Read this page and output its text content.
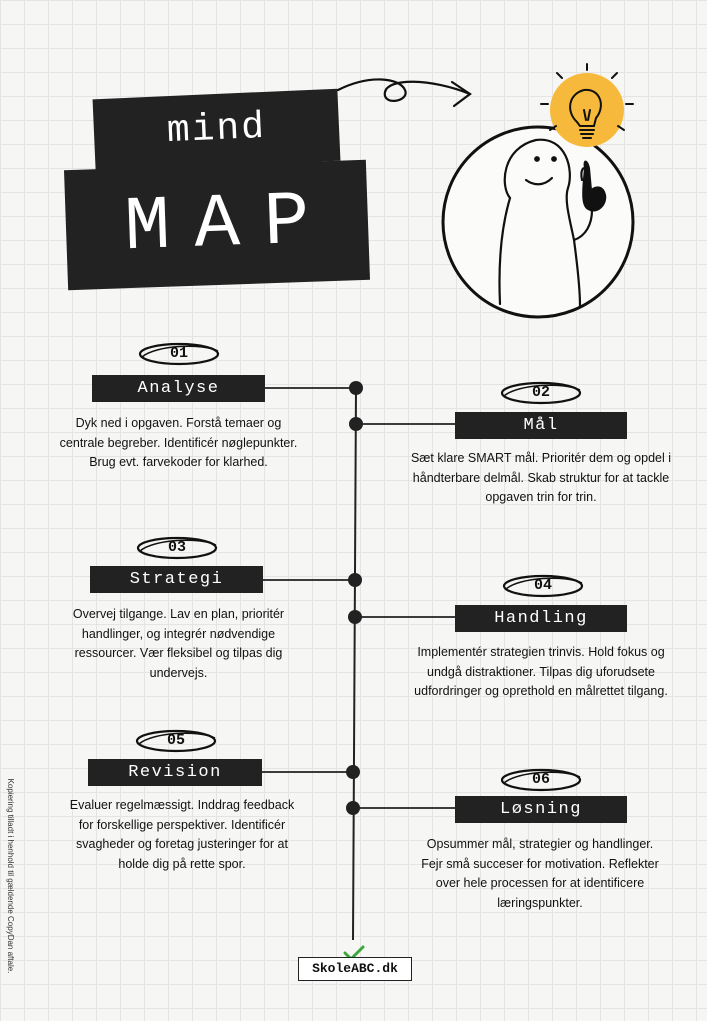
mind
MAP
01
Analyse
Dyk ned i opgaven. Forstå temaer og centrale begreber. Identificér nøglepunkter. Brug evt. farvekoder for klarhed.
02
Mål
Sæt klare SMART mål. Prioritér dem og opdel i håndterbare delmål. Skab struktur for at tackle opgaven trin for trin.
03
Strategi
Overvej tilgange. Lav en plan, prioritér handlinger, og integrér nødvendige ressourcer. Vær fleksibel og tilpas dig undervejs.
04
Handling
Implementér strategien trinvis. Hold fokus og undgå distraktioner. Tilpas dig uforudsete udfordringer og oprethold en målrettet tilgang.
05
Revision
Evaluer regelmæssigt. Inddrag feedback for forskellige perspektiver. Identificér svagheder og foretag justeringer for at holde dig på rette spor.
06
Løsning
Opsummer mål, strategier og handlinger. Fejr små succeser for motivation. Reflekter over hele processen for at identificere læringspunkter.
Kopiering tilladt i henhold til gældende CopyDan aftale.	SkoleABC.dk
